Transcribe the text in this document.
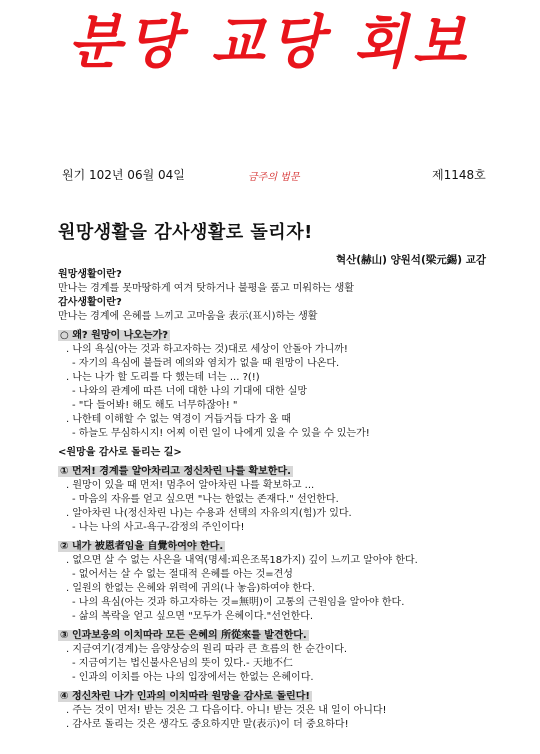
분당 교당 회보
원기 102년 06월 04일	금주의 법문	제1148호
원망생활을 감사생활로 돌리자!
혁산(赫山) 양원석(梁元錫) 교감
원망생활이란?
만나는 경계를 못마땅하게 여겨 탓하거나 불평을 품고 미워하는 생활
감사생활이란?
만나는 경계에 은혜를 느끼고 고마움을 表示(표시)하는 생활
○ 왜? 원망이 나오는가?
. 나의 욕심(아는 것과 하고자하는 것)대로 세상이 안돌아 가니까!
- 자기의 욕심에 불들려 예의와 염치가 없을 때 원망이 나온다.
. 나는 나가 할 도리를 다 했는데 너는 ... ?(!)
- 나와의 관계에 따른 너에 대한 나의 기대에 대한 실망
- "다 들어봐! 해도 해도 너무하잖아! "
. 나한테 이해할 수 없는 역경이 거듭거듭 다가 올 때
- 하늘도 무심하시지! 어찌 이런 일이 나에게 있을 수 있을 수 있는가!
<원망을 감사로 돌리는 길>
① 먼저! 경계를 알아차리고 정신차린 나를 확보한다.
. 원망이 있을 때 먼저! 멈추어 알아차린 나를 확보하고 ...
- 마음의 자유를 얻고 싶으면 "나는 한없는 존재다." 선언한다.
. 알아차린 나(정신차린 나)는 수용과 선택의 자유의지(힘)가 있다.
- 나는 나의 사고-욕구-감정의 주인이다!
② 내가 被恩者임을 自覺하여야 한다.
. 없으면 살 수 없는 사은을 내역(명세:피은조목18가지) 깊이 느끼고 알아야 한다.
- 없어서는 살 수 없는 절대적 은혜를 아는 것=견성
. 일원의 한없는 은혜와 위력에 귀의(나 놓음)하여야 한다.
- 나의 욕심(아는 것과 하고자하는 것=無明)이 고통의 근원임을 알아야 한다.
- 삶의 복락을 얻고 싶으면 "모두가 은혜이다."선언한다.
③ 인과보응의 이치따라 모든 은혜의 所從來를 발견한다.
. 지금여기(경계)는 음양상승의 원리 따라 큰 흐름의 한 순간이다.
- 지금여기는 법신불사은님의 뜻이 있다.- 天地不仁
- 인과의 이치를 아는 나의 입장에서는 한없는 은혜이다.
④ 정신차린 나가 인과의 이치따라 원망을 감사로 돌린다!
. 주는 것이 먼저! 받는 것은 그 다음이다. 아니! 받는 것은 내 일이 아니다!
. 감사로 돌리는 것은 생각도 중요하지만 말(表示)이 더 중요하다!
